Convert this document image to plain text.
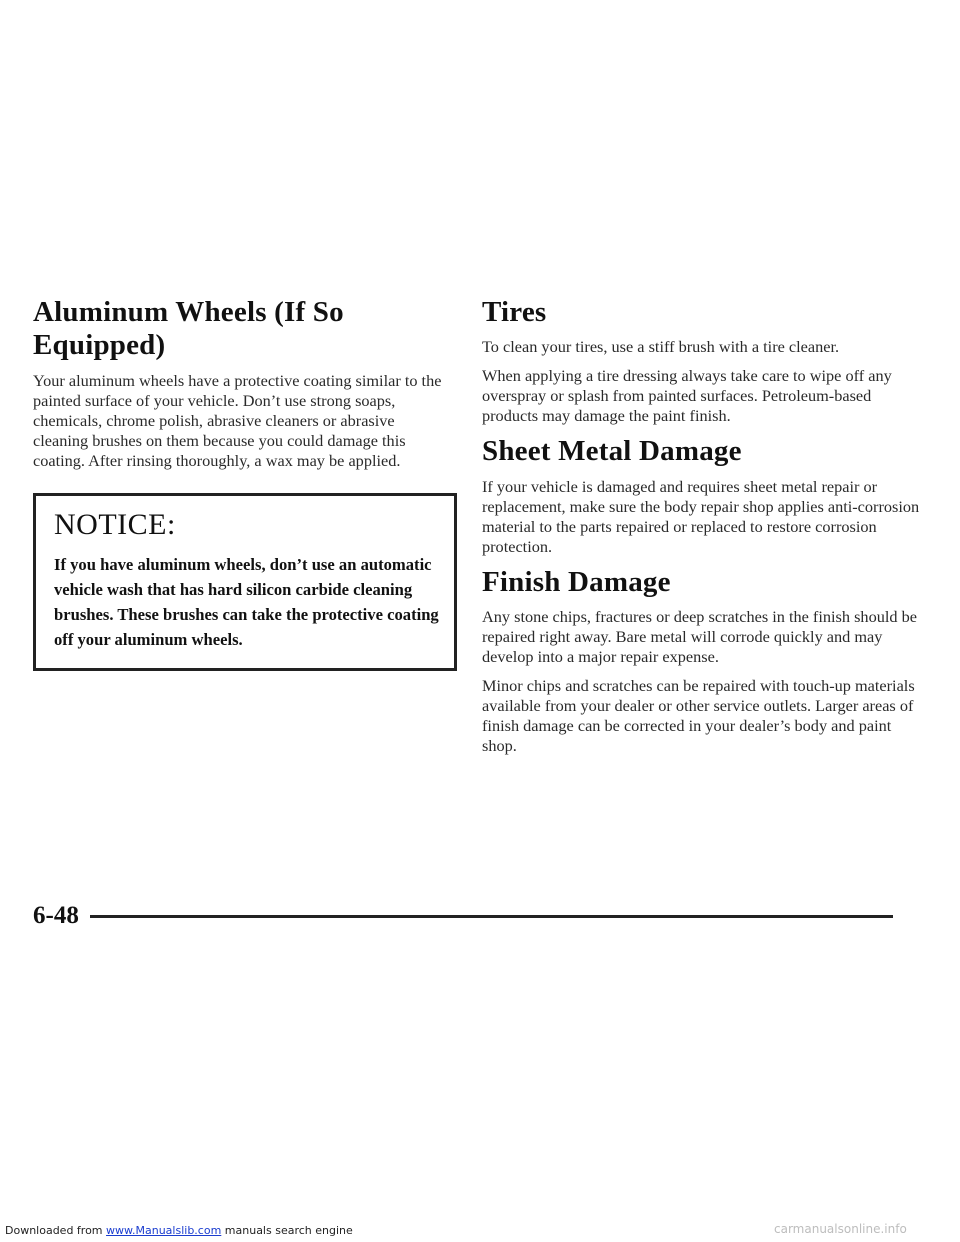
Aluminum Wheels (If So Equipped)

Your aluminum wheels have a protective coating similar to the painted surface of your vehicle. Don’t use strong soaps, chemicals, chrome polish, abrasive cleaners or abrasive cleaning brushes on them because you could damage this coating. After rinsing thoroughly, a wax may be applied.

NOTICE:

If you have aluminum wheels, don’t use an automatic vehicle wash that has hard silicon carbide cleaning brushes. These brushes can take the protective coating off your aluminum wheels.

Tires

To clean your tires, use a stiff brush with a tire cleaner.

When applying a tire dressing always take care to wipe off any overspray or splash from painted surfaces. Petroleum-based products may damage the paint finish.

Sheet Metal Damage

If your vehicle is damaged and requires sheet metal repair or replacement, make sure the body repair shop applies anti-corrosion material to the parts repaired or replaced to restore corrosion protection.

Finish Damage

Any stone chips, fractures or deep scratches in the finish should be repaired right away. Bare metal will corrode quickly and may develop into a major repair expense.

Minor chips and scratches can be repaired with touch-up materials available from your dealer or other service outlets. Larger areas of finish damage can be corrected in your dealer’s body and paint shop.

6-48
Downloaded from www.Manualslib.com manuals search engine	carmanualsonline.info
